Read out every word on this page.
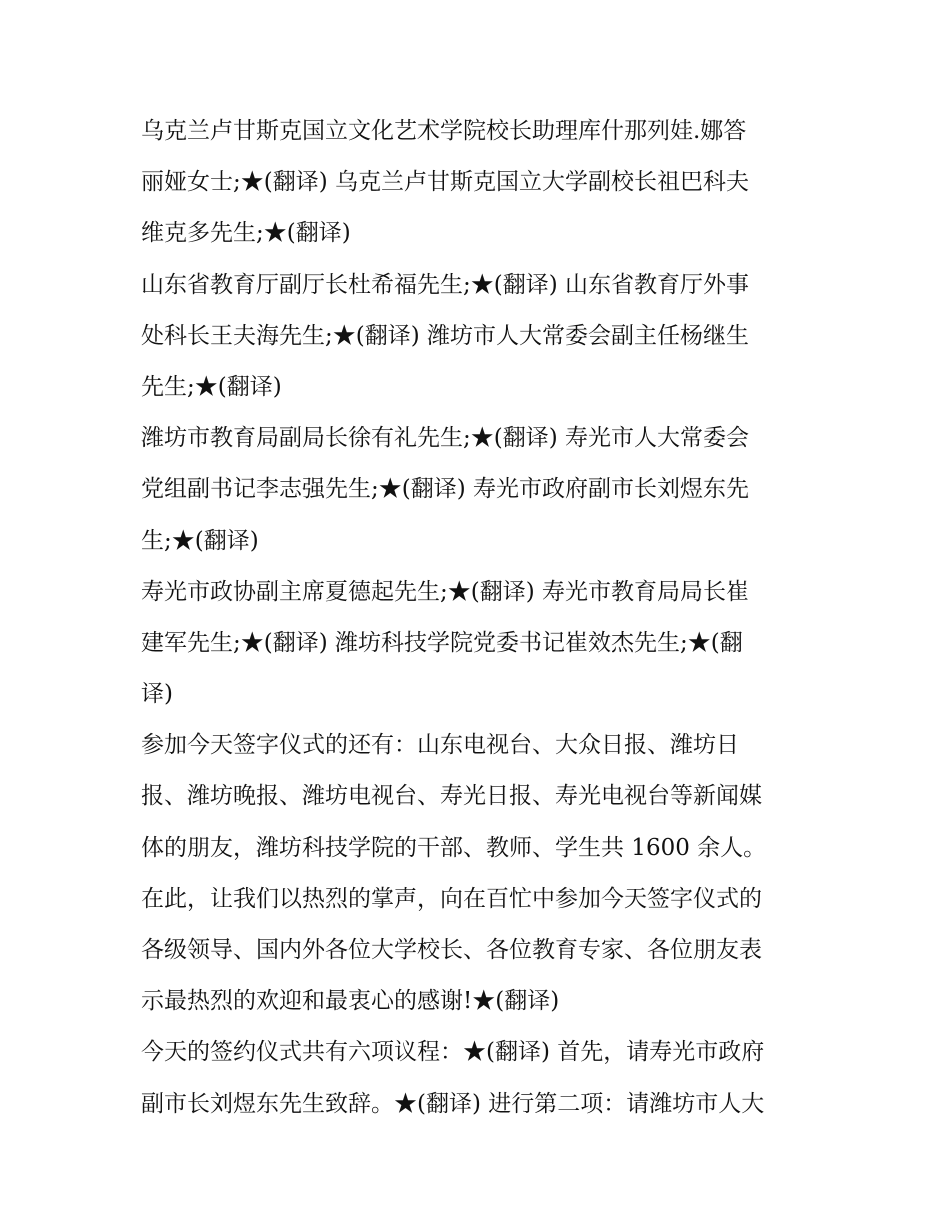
乌克兰卢甘斯克国立文化艺术学院校长助理库什那列娃.娜答
丽娅女士;★(翻译) 乌克兰卢甘斯克国立大学副校长祖巴科夫
维克多先生;★(翻译)
山东省教育厅副厅长杜希福先生;★(翻译) 山东省教育厅外事
处科长王夫海先生;★(翻译) 潍坊市人大常委会副主任杨继生
先生;★(翻译)
潍坊市教育局副局长徐有礼先生;★(翻译) 寿光市人大常委会
党组副书记李志强先生;★(翻译) 寿光市政府副市长刘煜东先
生;★(翻译)
寿光市政协副主席夏德起先生;★(翻译) 寿光市教育局局长崔
建军先生;★(翻译) 潍坊科技学院党委书记崔效杰先生;★(翻
译)
参加今天签字仪式的还有：山东电视台、大众日报、潍坊日
报、潍坊晚报、潍坊电视台、寿光日报、寿光电视台等新闻媒
体的朋友，潍坊科技学院的干部、教师、学生共 1600 余人。
在此，让我们以热烈的掌声，向在百忙中参加今天签字仪式的
各级领导、国内外各位大学校长、各位教育专家、各位朋友表
示最热烈的欢迎和最衷心的感谢!★(翻译)
今天的签约仪式共有六项议程：★(翻译) 首先，请寿光市政府
副市长刘煜东先生致辞。★(翻译) 进行第二项：请潍坊市人大
